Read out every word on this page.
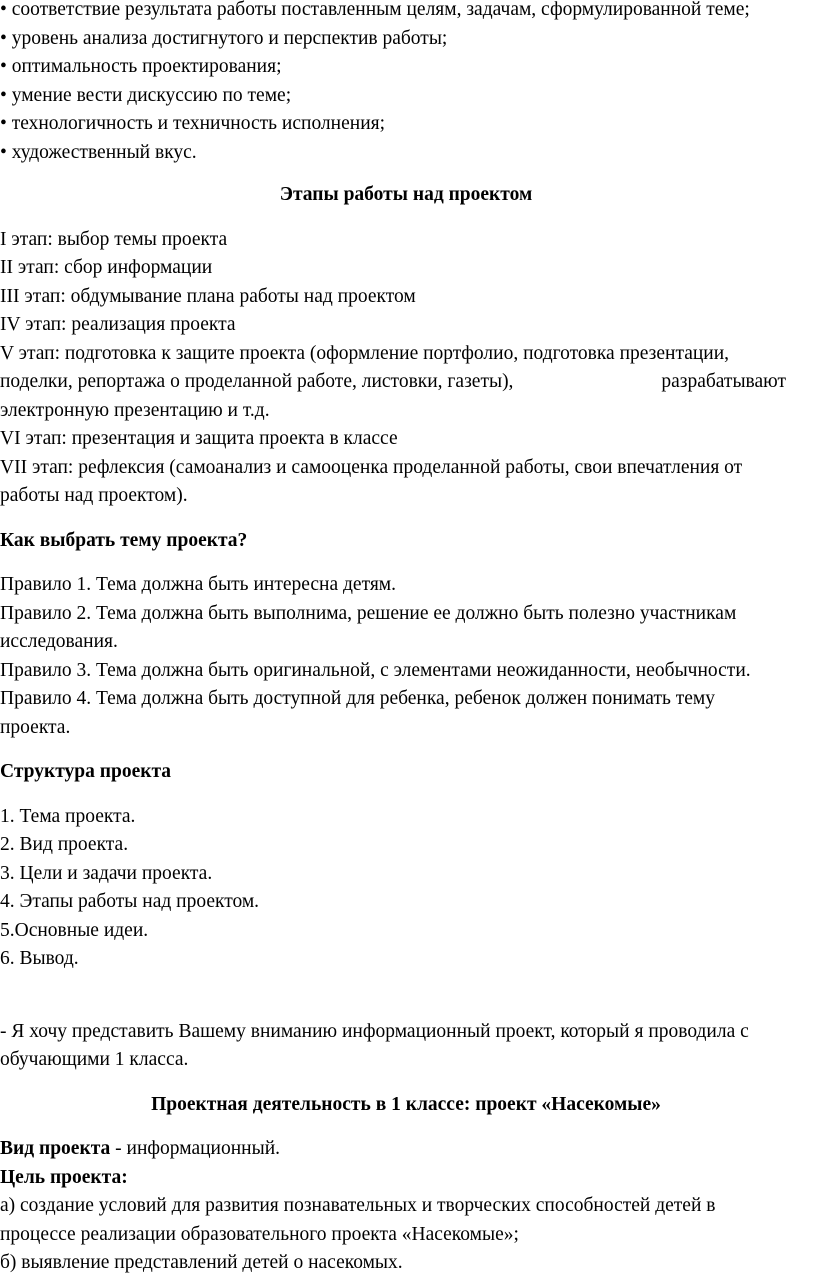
• соответствие результата работы поставленным целям, задачам, сформулированной теме;
• уровень анализа достигнутого и перспектив работы;
• оптимальность проектирования;
• умение вести дискуссию по теме;
• технологичность и техничность исполнения;
• художественный вкус.
Этапы работы над проектом
I этап: выбор темы проекта
II этап: сбор информации
III этап: обдумывание плана работы над проектом
IV этап: реализация проекта
V этап: подготовка к защите проекта (оформление портфолио, подготовка презентации,
поделки, репортажа о проделанной работе, листовки, газеты),	разрабатывают
электронную презентацию и т.д.
VI этап: презентация и защита проекта в классе
VII этап: рефлексия (самоанализ и самооценка проделанной работы, свои впечатления от
работы над проектом).
Как выбрать тему проекта?
Правило 1. Тема должна быть интересна детям.
Правило 2. Тема должна быть выполнима, решение ее должно быть полезно участникам
исследования.
Правило 3. Тема должна быть оригинальной, с элементами неожиданности, необычности.
Правило 4. Тема должна быть доступной для ребенка, ребенок должен понимать тему
проекта.
Структура проекта
1. Тема проекта.
2. Вид проекта.
3. Цели и задачи проекта.
4. Этапы работы над проектом.
5.Основные идеи.
6. Вывод.
- Я хочу представить Вашему вниманию информационный проект, который я проводила с
обучающими 1 класса.
Проектная деятельность в 1 классе: проект «Насекомые»
Вид проекта - информационный.
Цель проекта:
а) создание условий для развития познавательных и творческих способностей детей в
процессе реализации образовательного проекта «Насекомые»;
б) выявление представлений детей о насекомых.
